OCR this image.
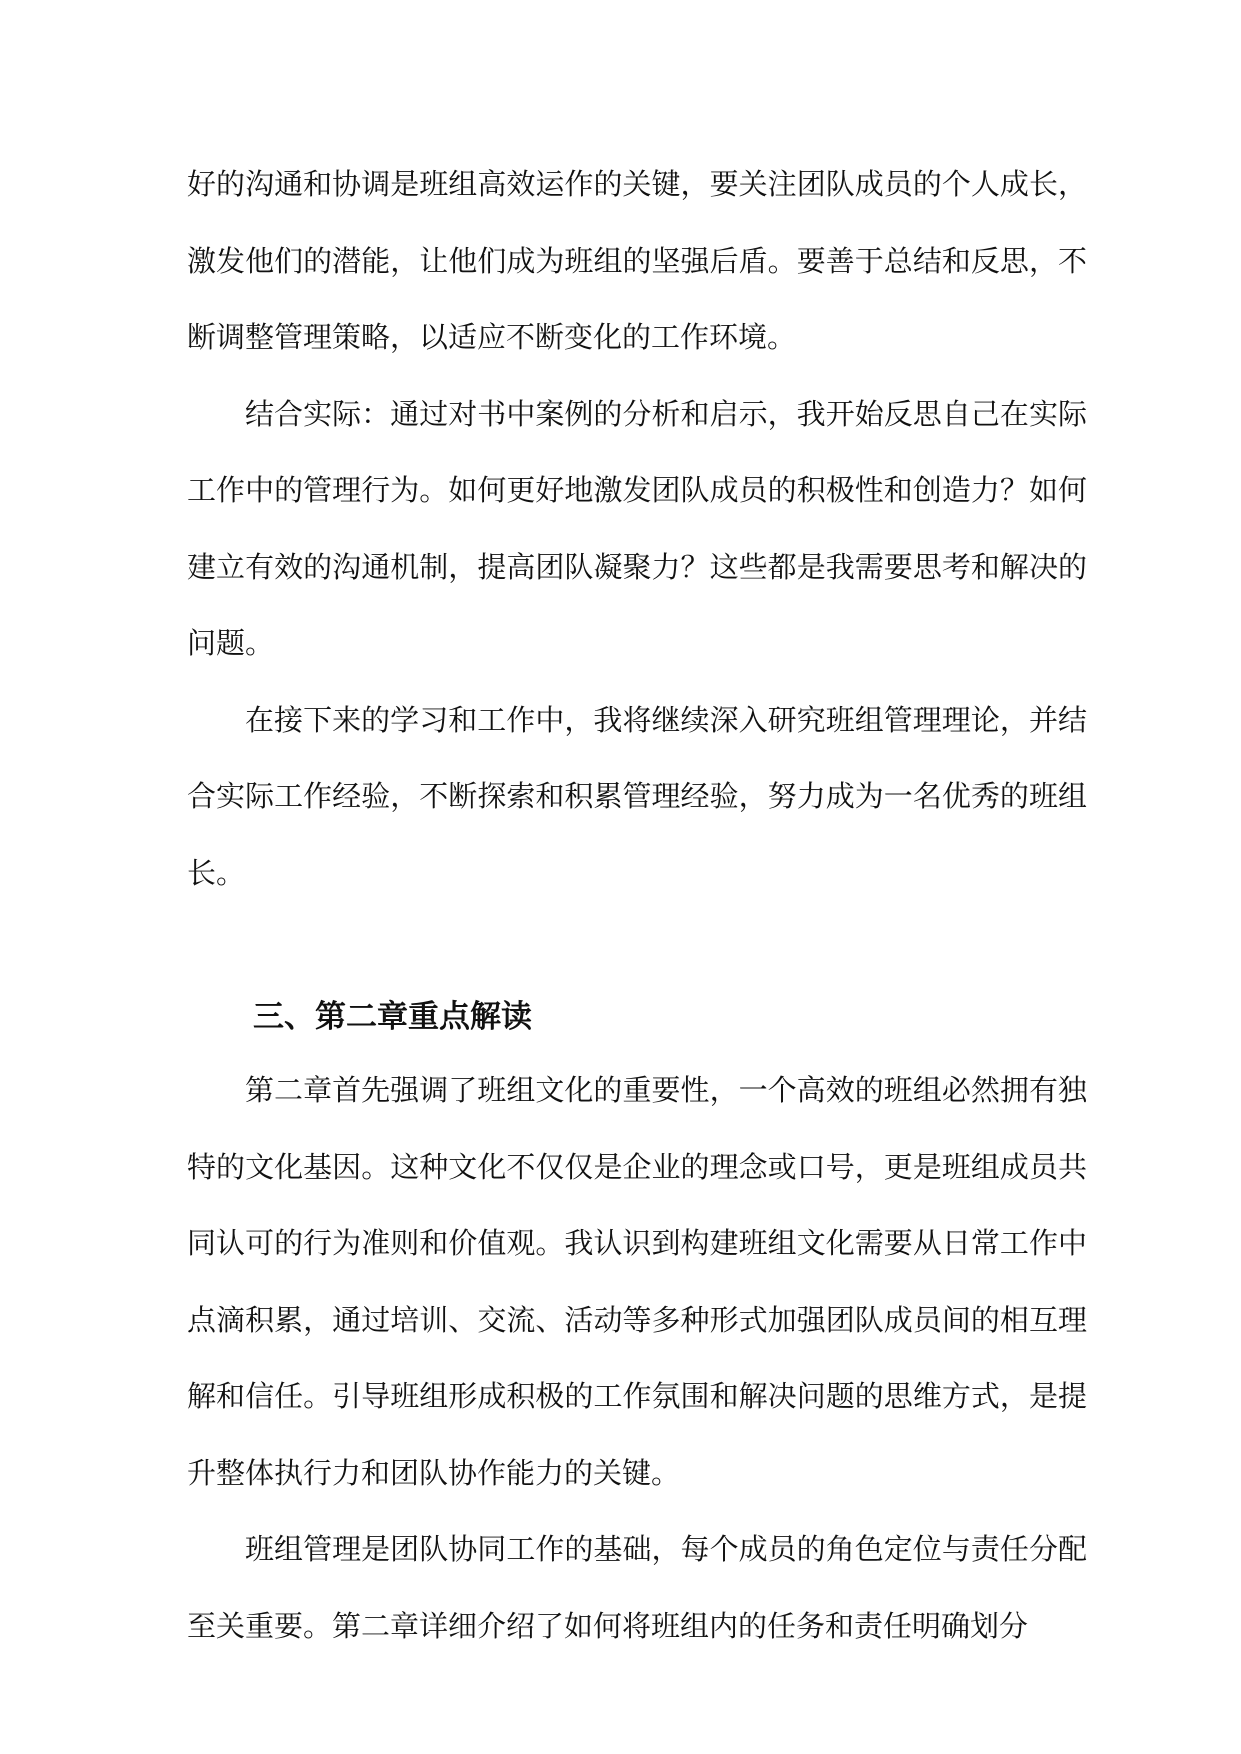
好的沟通和协调是班组高效运作的关键，要关注团队成员的个人成长，激发他们的潜能，让他们成为班组的坚强后盾。要善于总结和反思，不断调整管理策略，以适应不断变化的工作环境。

结合实际：通过对书中案例的分析和启示，我开始反思自己在实际工作中的管理行为。如何更好地激发团队成员的积极性和创造力？如何建立有效的沟通机制，提高团队凝聚力？这些都是我需要思考和解决的问题。

在接下来的学习和工作中，我将继续深入研究班组管理理论，并结合实际工作经验，不断探索和积累管理经验，努力成为一名优秀的班组长。

三、第二章重点解读

第二章首先强调了班组文化的重要性，一个高效的班组必然拥有独特的文化基因。这种文化不仅仅是企业的理念或口号，更是班组成员共同认可的行为准则和价值观。我认识到构建班组文化需要从日常工作中点滴积累，通过培训、交流、活动等多种形式加强团队成员间的相互理解和信任。引导班组形成积极的工作氛围和解决问题的思维方式，是提升整体执行力和团队协作能力的关键。

班组管理是团队协同工作的基础，每个成员的角色定位与责任分配至关重要。第二章详细介绍了如何将班组内的任务和责任明确划分
